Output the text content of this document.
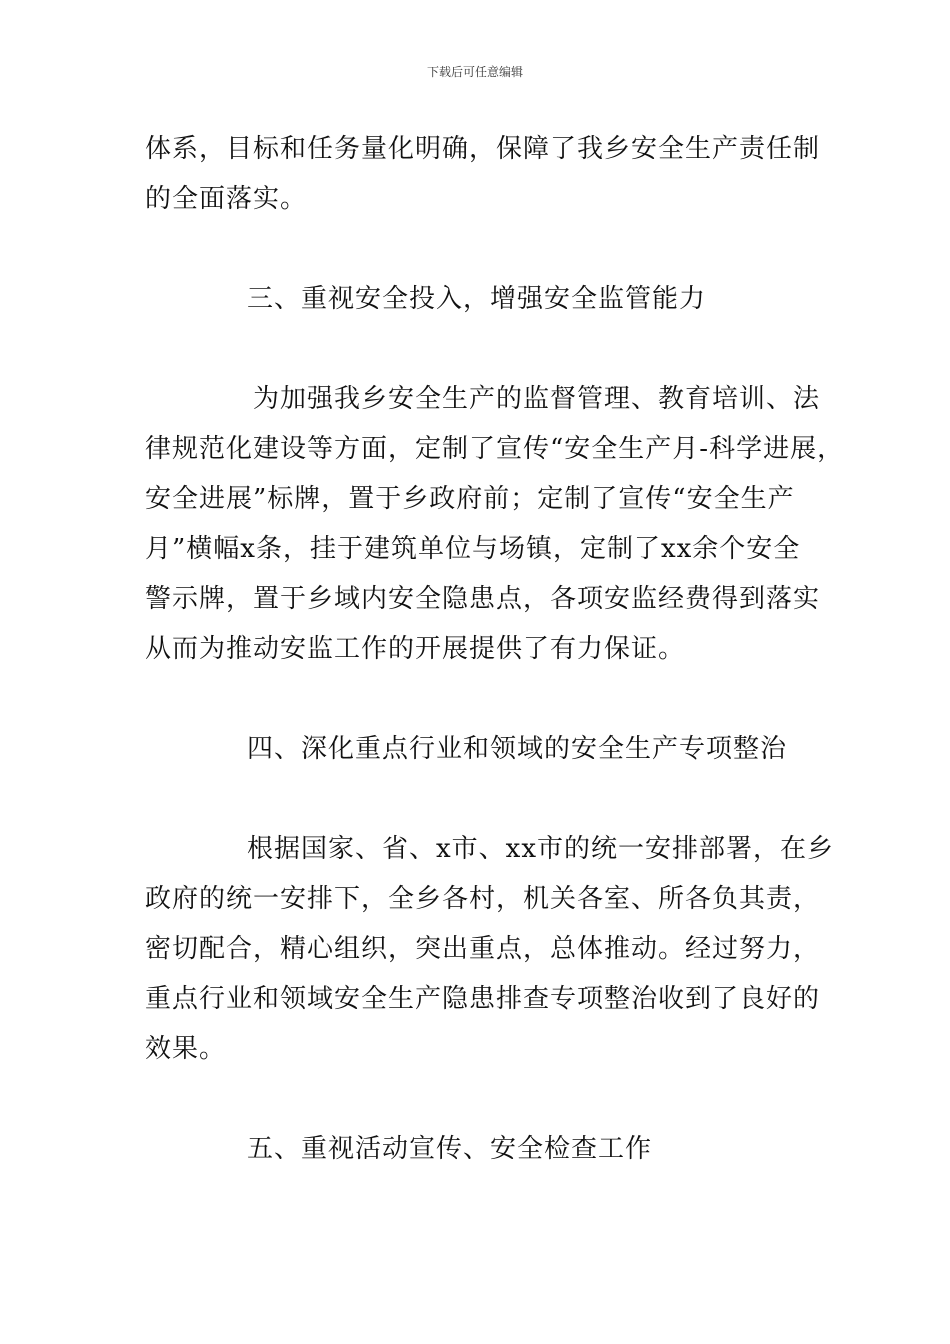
下载后可任意编辑
体系，目标和任务量化明确，保障了我乡安全生产责任制
的全面落实。
三、重视安全投入，增强安全监管能力
为加强我乡安全生产的监督管理、教育培训、法
律规范化建设等方面，定制了宣传“安全生产月-科学进展，
安全进展”标牌，置于乡政府前；定制了宣传“安全生产
月”横幅x条，挂于建筑单位与场镇，定制了xx余个安全
警示牌，置于乡域内安全隐患点，各项安监经费得到落实
从而为推动安监工作的开展提供了有力保证。
四、深化重点行业和领域的安全生产专项整治
根据国家、省、x市、xx市的统一安排部署，在乡
政府的统一安排下，全乡各村，机关各室、所各负其责，
密切配合，精心组织，突出重点，总体推动。经过努力，
重点行业和领域安全生产隐患排查专项整治收到了良好的
效果。
五、重视活动宣传、安全检查工作
